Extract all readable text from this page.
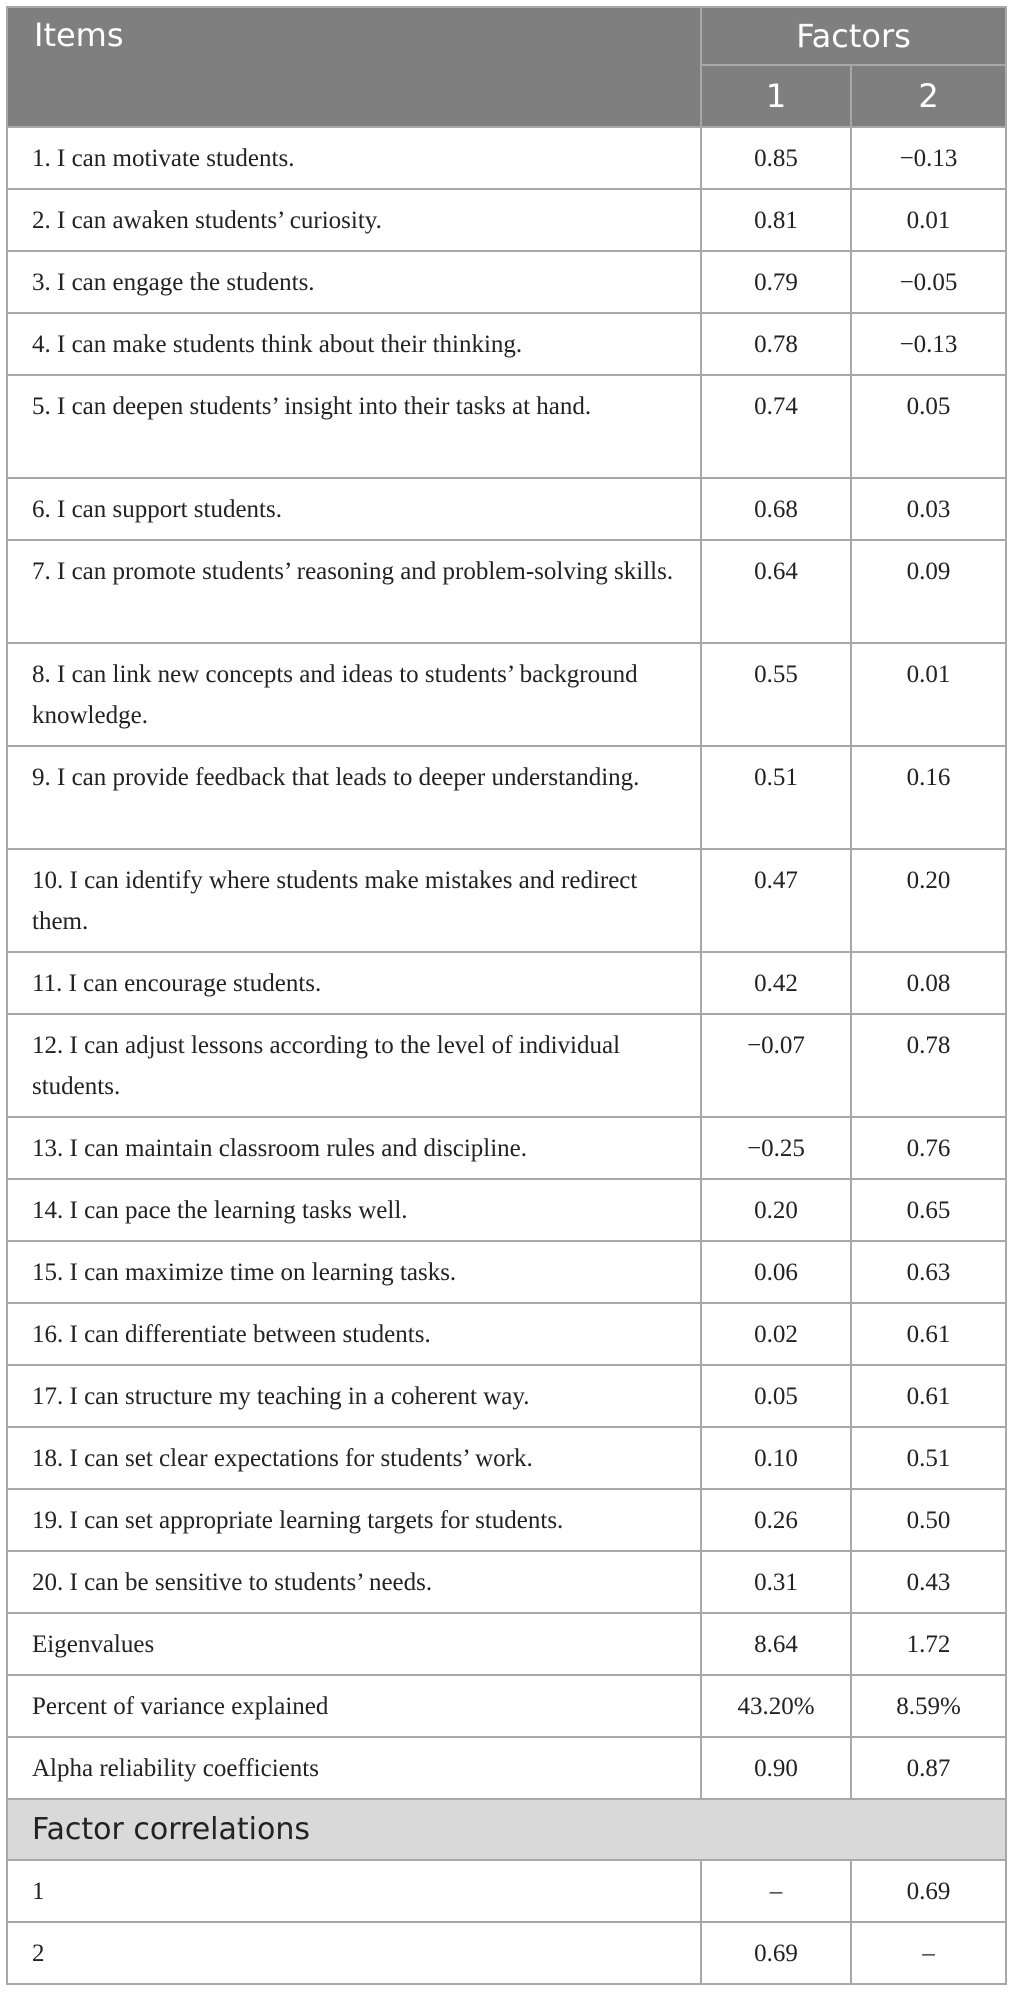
Items	Factors	
	1	2
1. I can motivate students.	0.85	−0.13
2. I can awaken students’ curiosity.	0.81	0.01
3. I can engage the students.	0.79	−0.05
4. I can make students think about their thinking.	0.78	−0.13
5. I can deepen students’ insight into their tasks at hand.	0.74	0.05
6. I can support students.	0.68	0.03
7. I can promote students’ reasoning and problem-solving skills.	0.64	0.09
8. I can link new concepts and ideas to students’ background knowledge.	0.55	0.01
9. I can provide feedback that leads to deeper understanding.	0.51	0.16
10. I can identify where students make mistakes and redirect them.	0.47	0.20
11. I can encourage students.	0.42	0.08
12. I can adjust lessons according to the level of individual students.	−0.07	0.78
13. I can maintain classroom rules and discipline.	−0.25	0.76
14. I can pace the learning tasks well.	0.20	0.65
15. I can maximize time on learning tasks.	0.06	0.63
16. I can differentiate between students.	0.02	0.61
17. I can structure my teaching in a coherent way.	0.05	0.61
18. I can set clear expectations for students’ work.	0.10	0.51
19. I can set appropriate learning targets for students.	0.26	0.50
20. I can be sensitive to students’ needs.	0.31	0.43
Eigenvalues	8.64	1.72
Percent of variance explained	43.20%	8.59%
Alpha reliability coefficients	0.90	0.87
Factor correlations		
1	–	0.69
2	0.69	–
